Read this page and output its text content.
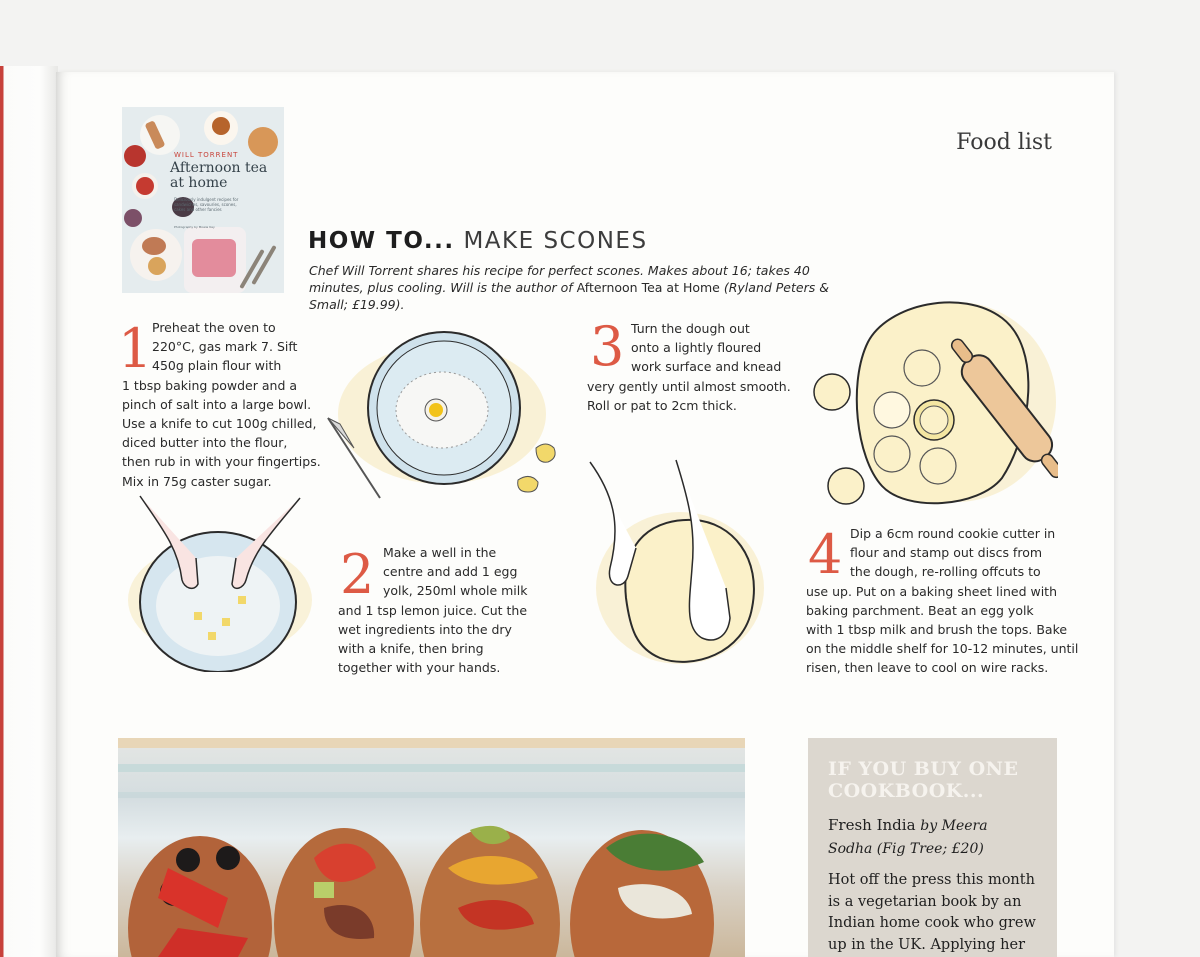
Food list
WILL TORRENT
Afternoon tea at home
Deliciously indulgent recipes for sandwiches, savouries, scones, cakes and other fancies
Photography by Mowie Kay
HOW TO... MAKE SCONES
Chef Will Torrent shares his recipe for perfect scones. Makes about 16; takes 40 minutes, plus cooling. Will is the author of Afternoon Tea at Home (Ryland Peters & Small; £19.99).
1 Preheat the oven to
220°C, gas mark 7. Sift
450g plain flour with
1 tbsp baking powder and a
pinch of salt into a large bowl.
Use a knife to cut 100g chilled,
diced butter into the flour,
then rub in with your fingertips.
Mix in 75g caster sugar.
2 Make a well in the
centre and add 1 egg
yolk, 250ml whole milk
and 1 tsp lemon juice. Cut the
wet ingredients into the dry
with a knife, then bring
together with your hands.
3 Turn the dough out
onto a lightly floured
work surface and knead
very gently until almost smooth.
Roll or pat to 2cm thick.
4 Dip a 6cm round cookie cutter in
flour and stamp out discs from
the dough, re-rolling offcuts to
use up. Put on a baking sheet lined with
baking parchment. Beat an egg yolk
with 1 tbsp milk and brush the tops. Bake
on the middle shelf for 10-12 minutes, until
risen, then leave to cool on wire racks.
IF YOU BUY ONE
COOKBOOK...
Fresh India by Meera
Sodha (Fig Tree; £20)
Hot off the press this month
is a vegetarian book by an
Indian home cook who grew
up in the UK. Applying her
